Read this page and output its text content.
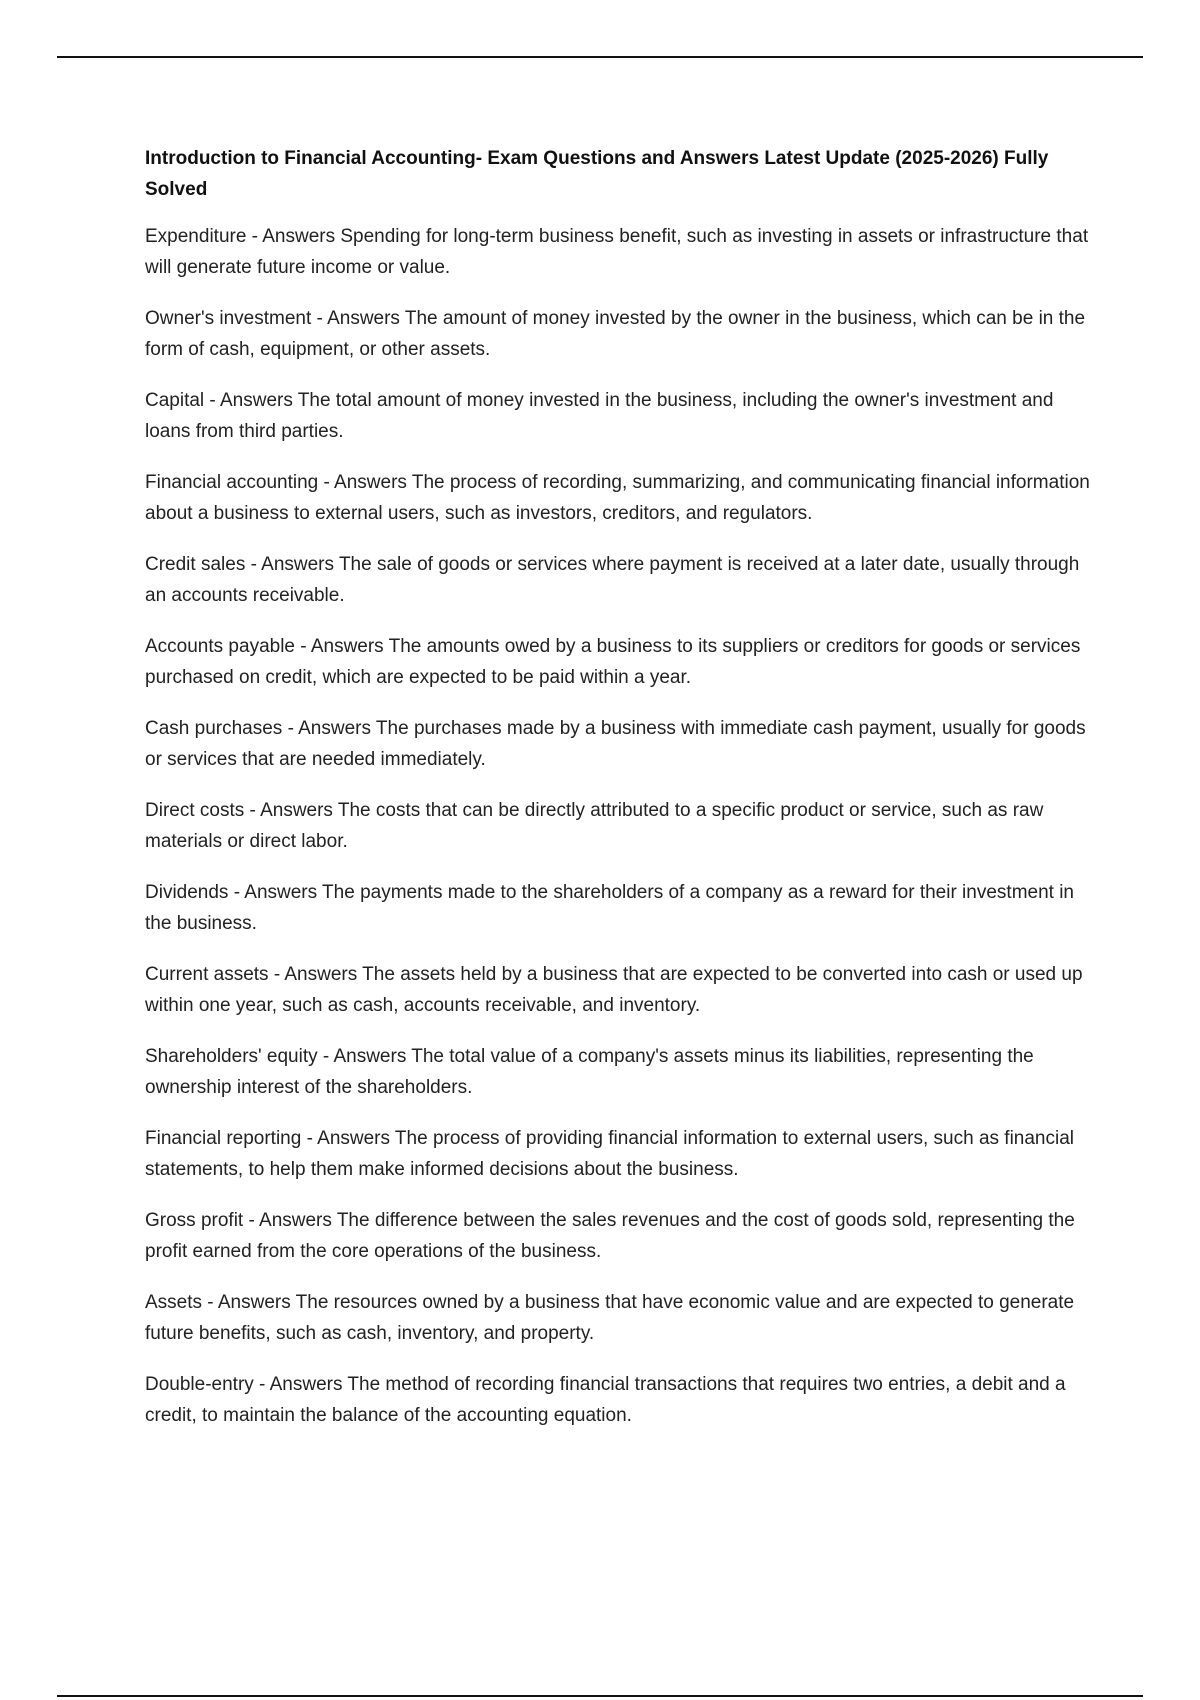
Introduction to Financial Accounting- Exam Questions and Answers Latest Update (2025-2026) Fully Solved

Expenditure - Answers Spending for long-term business benefit, such as investing in assets or infrastructure that will generate future income or value.

Owner's investment - Answers The amount of money invested by the owner in the business, which can be in the form of cash, equipment, or other assets.

Capital - Answers The total amount of money invested in the business, including the owner's investment and loans from third parties.

Financial accounting - Answers The process of recording, summarizing, and communicating financial information about a business to external users, such as investors, creditors, and regulators.

Credit sales - Answers The sale of goods or services where payment is received at a later date, usually through an accounts receivable.

Accounts payable - Answers The amounts owed by a business to its suppliers or creditors for goods or services purchased on credit, which are expected to be paid within a year.

Cash purchases - Answers The purchases made by a business with immediate cash payment, usually for goods or services that are needed immediately.

Direct costs - Answers The costs that can be directly attributed to a specific product or service, such as raw materials or direct labor.

Dividends - Answers The payments made to the shareholders of a company as a reward for their investment in the business.

Current assets - Answers The assets held by a business that are expected to be converted into cash or used up within one year, such as cash, accounts receivable, and inventory.

Shareholders' equity - Answers The total value of a company's assets minus its liabilities, representing the ownership interest of the shareholders.

Financial reporting - Answers The process of providing financial information to external users, such as financial statements, to help them make informed decisions about the business.

Gross profit - Answers The difference between the sales revenues and the cost of goods sold, representing the profit earned from the core operations of the business.

Assets - Answers The resources owned by a business that have economic value and are expected to generate future benefits, such as cash, inventory, and property.

Double-entry - Answers The method of recording financial transactions that requires two entries, a debit and a credit, to maintain the balance of the accounting equation.
